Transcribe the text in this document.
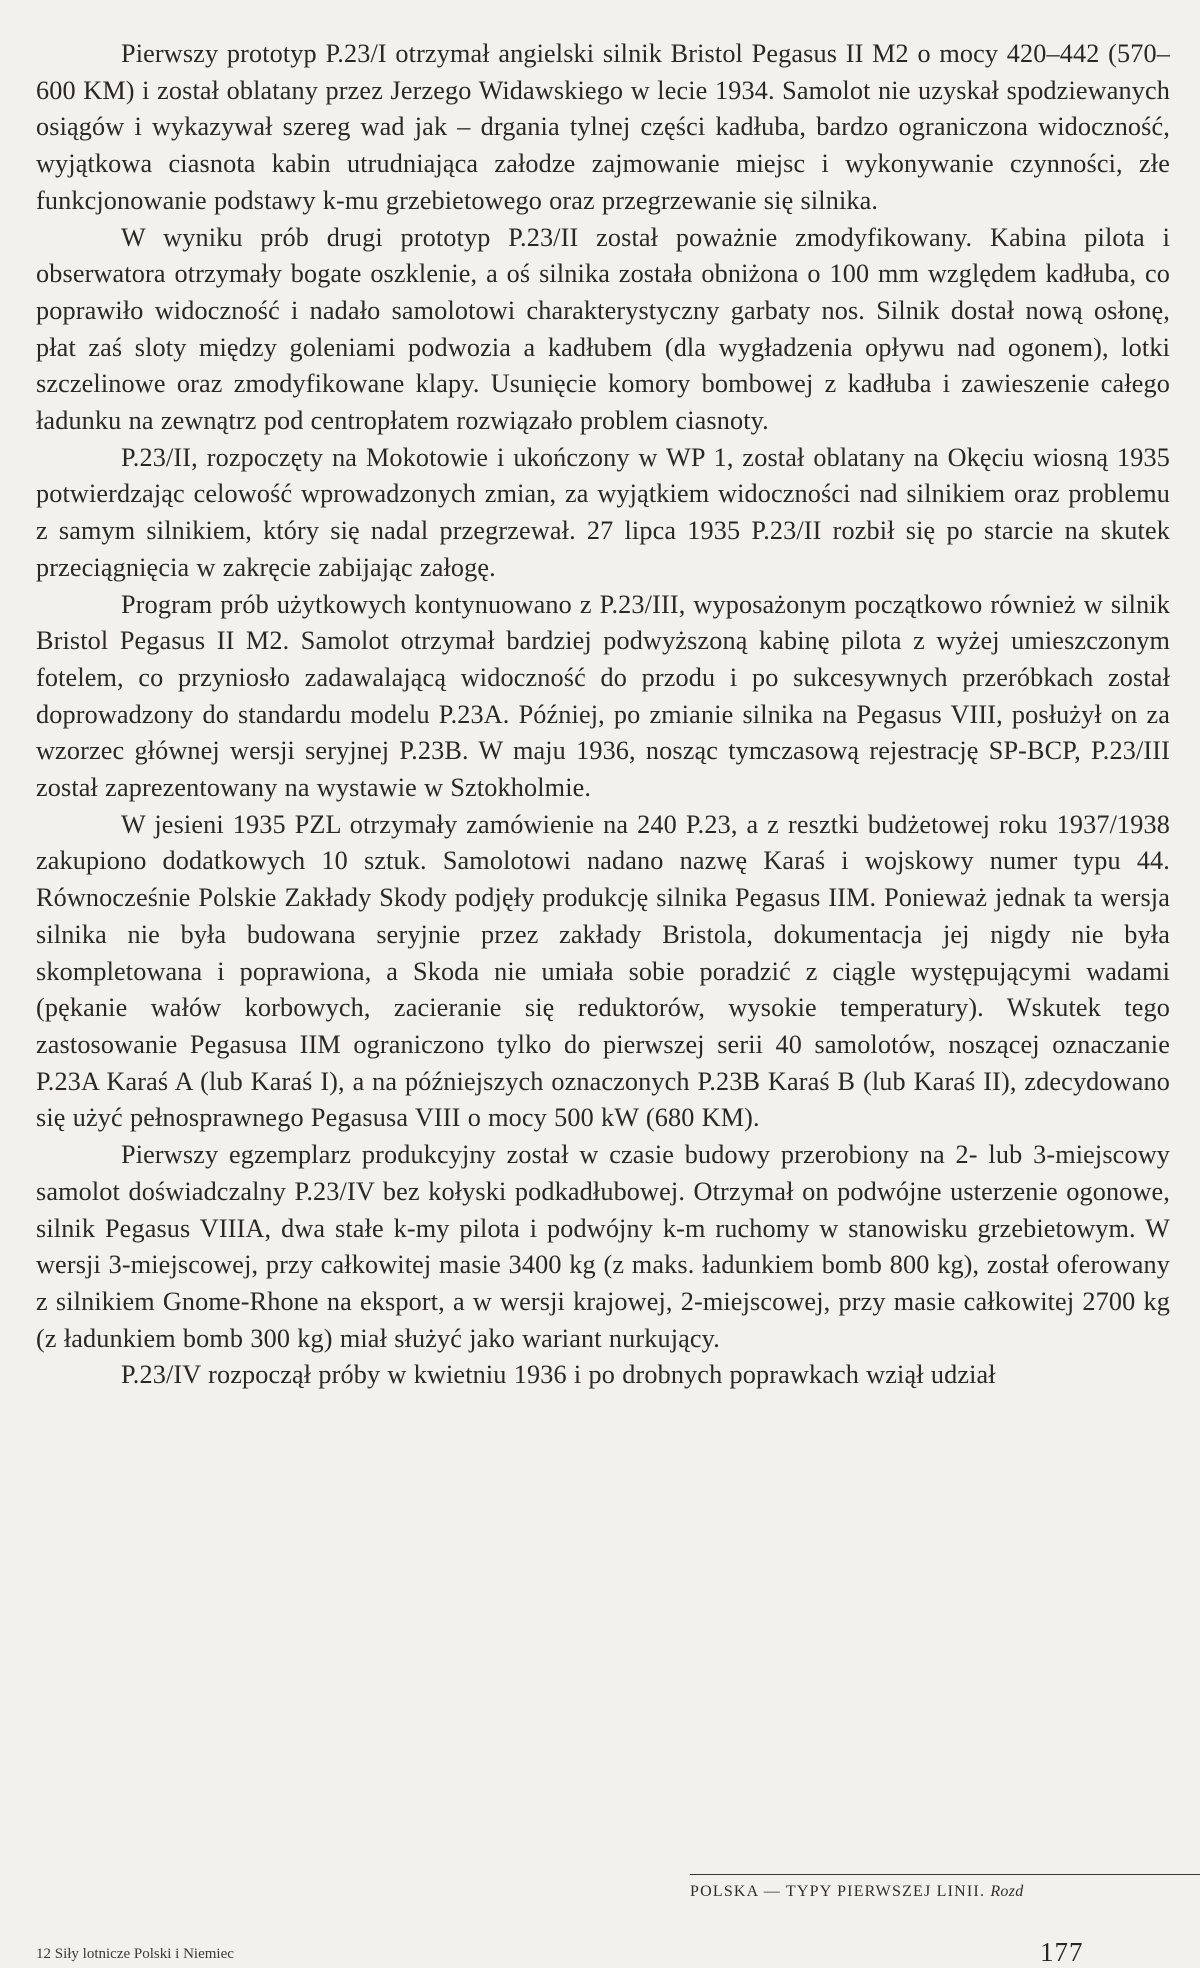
Pierwszy prototyp P.23/I otrzymał angielski silnik Bristol Pegasus II M2 o mocy 420–442 (570–600 KM) i został oblatany przez Jerzego Widawskiego w lecie 1934. Samolot nie uzyskał spodziewanych osiągów i wykazywał szereg wad jak – drgania tylnej części kadłuba, bardzo ograniczona widoczność, wyjątkowa ciasnota kabin utrudniająca załodze zajmowanie miejsc i wykonywanie czynności, złe funkcjonowanie podstawy k-mu grzebietowego oraz przegrzewanie się silnika.

W wyniku prób drugi prototyp P.23/II został poważnie zmodyfikowany. Kabina pilota i obserwatora otrzymały bogate oszklenie, a oś silnika została obniżona o 100 mm względem kadłuba, co poprawiło widoczność i nadało samolotowi charakterystyczny garbaty nos. Silnik dostał nową osłonę, płat zaś sloty między goleniami podwozia a kadłubem (dla wygładzenia opływu nad ogonem), lotki szczelinowe oraz zmodyfikowane klapy. Usunięcie komory bombowej z kadłuba i zawieszenie całego ładunku na zewnątrz pod centropłatem rozwiązało problem ciasnoty.

P.23/II, rozpoczęty na Mokotowie i ukończony w WP 1, został oblatany na Okęciu wiosną 1935 potwierdzając celowość wprowadzonych zmian, za wyjątkiem widoczności nad silnikiem oraz problemu z samym silnikiem, który się nadal przegrzewał. 27 lipca 1935 P.23/II rozbił się po starcie na skutek przeciągnięcia w zakręcie zabijając załogę.

Program prób użytkowych kontynuowano z P.23/III, wyposażonym początkowo również w silnik Bristol Pegasus II M2. Samolot otrzymał bardziej podwyższoną kabinę pilota z wyżej umieszczonym fotelem, co przyniosło zadawalającą widoczność do przodu i po sukcesywnych przeróbkach został doprowadzony do standardu modelu P.23A. Później, po zmianie silnika na Pegasus VIII, posłużył on za wzorzec głównej wersji seryjnej P.23B. W maju 1936, nosząc tymczasową rejestrację SP-BCP, P.23/III został zaprezentowany na wystawie w Sztokholmie.

W jesieni 1935 PZL otrzymały zamówienie na 240 P.23, a z resztki budżetowej roku 1937/1938 zakupiono dodatkowych 10 sztuk. Samolotowi nadano nazwę Karaś i wojskowy numer typu 44. Równocześnie Polskie Zakłady Skody podjęły produkcję silnika Pegasus IIM. Ponieważ jednak ta wersja silnika nie była budowana seryjnie przez zakłady Bristola, dokumentacja jej nigdy nie była skompletowana i poprawiona, a Skoda nie umiała sobie poradzić z ciągle występującymi wadami (pękanie wałów korbowych, zacieranie się reduktorów, wysokie temperatury). Wskutek tego zastosowanie Pegasusa IIM ograniczono tylko do pierwszej serii 40 samolotów, noszącej oznaczanie P.23A Karaś A (lub Karaś I), a na późniejszych oznaczonych P.23B Karaś B (lub Karaś II), zdecydowano się użyć pełnosprawnego Pegasusa VIII o mocy 500 kW (680 KM).

Pierwszy egzemplarz produkcyjny został w czasie budowy przerobiony na 2- lub 3-miejscowy samolot doświadczalny P.23/IV bez kołyski podkadłubowej. Otrzymał on podwójne usterzenie ogonowe, silnik Pegasus VIIIA, dwa stałe k-my pilota i podwójny k-m ruchomy w stanowisku grzebietowym. W wersji 3-miejscowej, przy całkowitej masie 3400 kg (z maks. ładunkiem bomb 800 kg), został oferowany z silnikiem Gnome-Rhone na eksport, a w wersji krajowej, 2-miejscowej, przy masie całkowitej 2700 kg (z ładunkiem bomb 300 kg) miał służyć jako wariant nurkujący.

P.23/IV rozpoczął próby w kwietniu 1936 i po drobnych poprawkach wziął udział

POLSKA — TYPY PIERWSZEJ LINII. Rozd
12 Siły lotnicze Polski i Niemiec	177
